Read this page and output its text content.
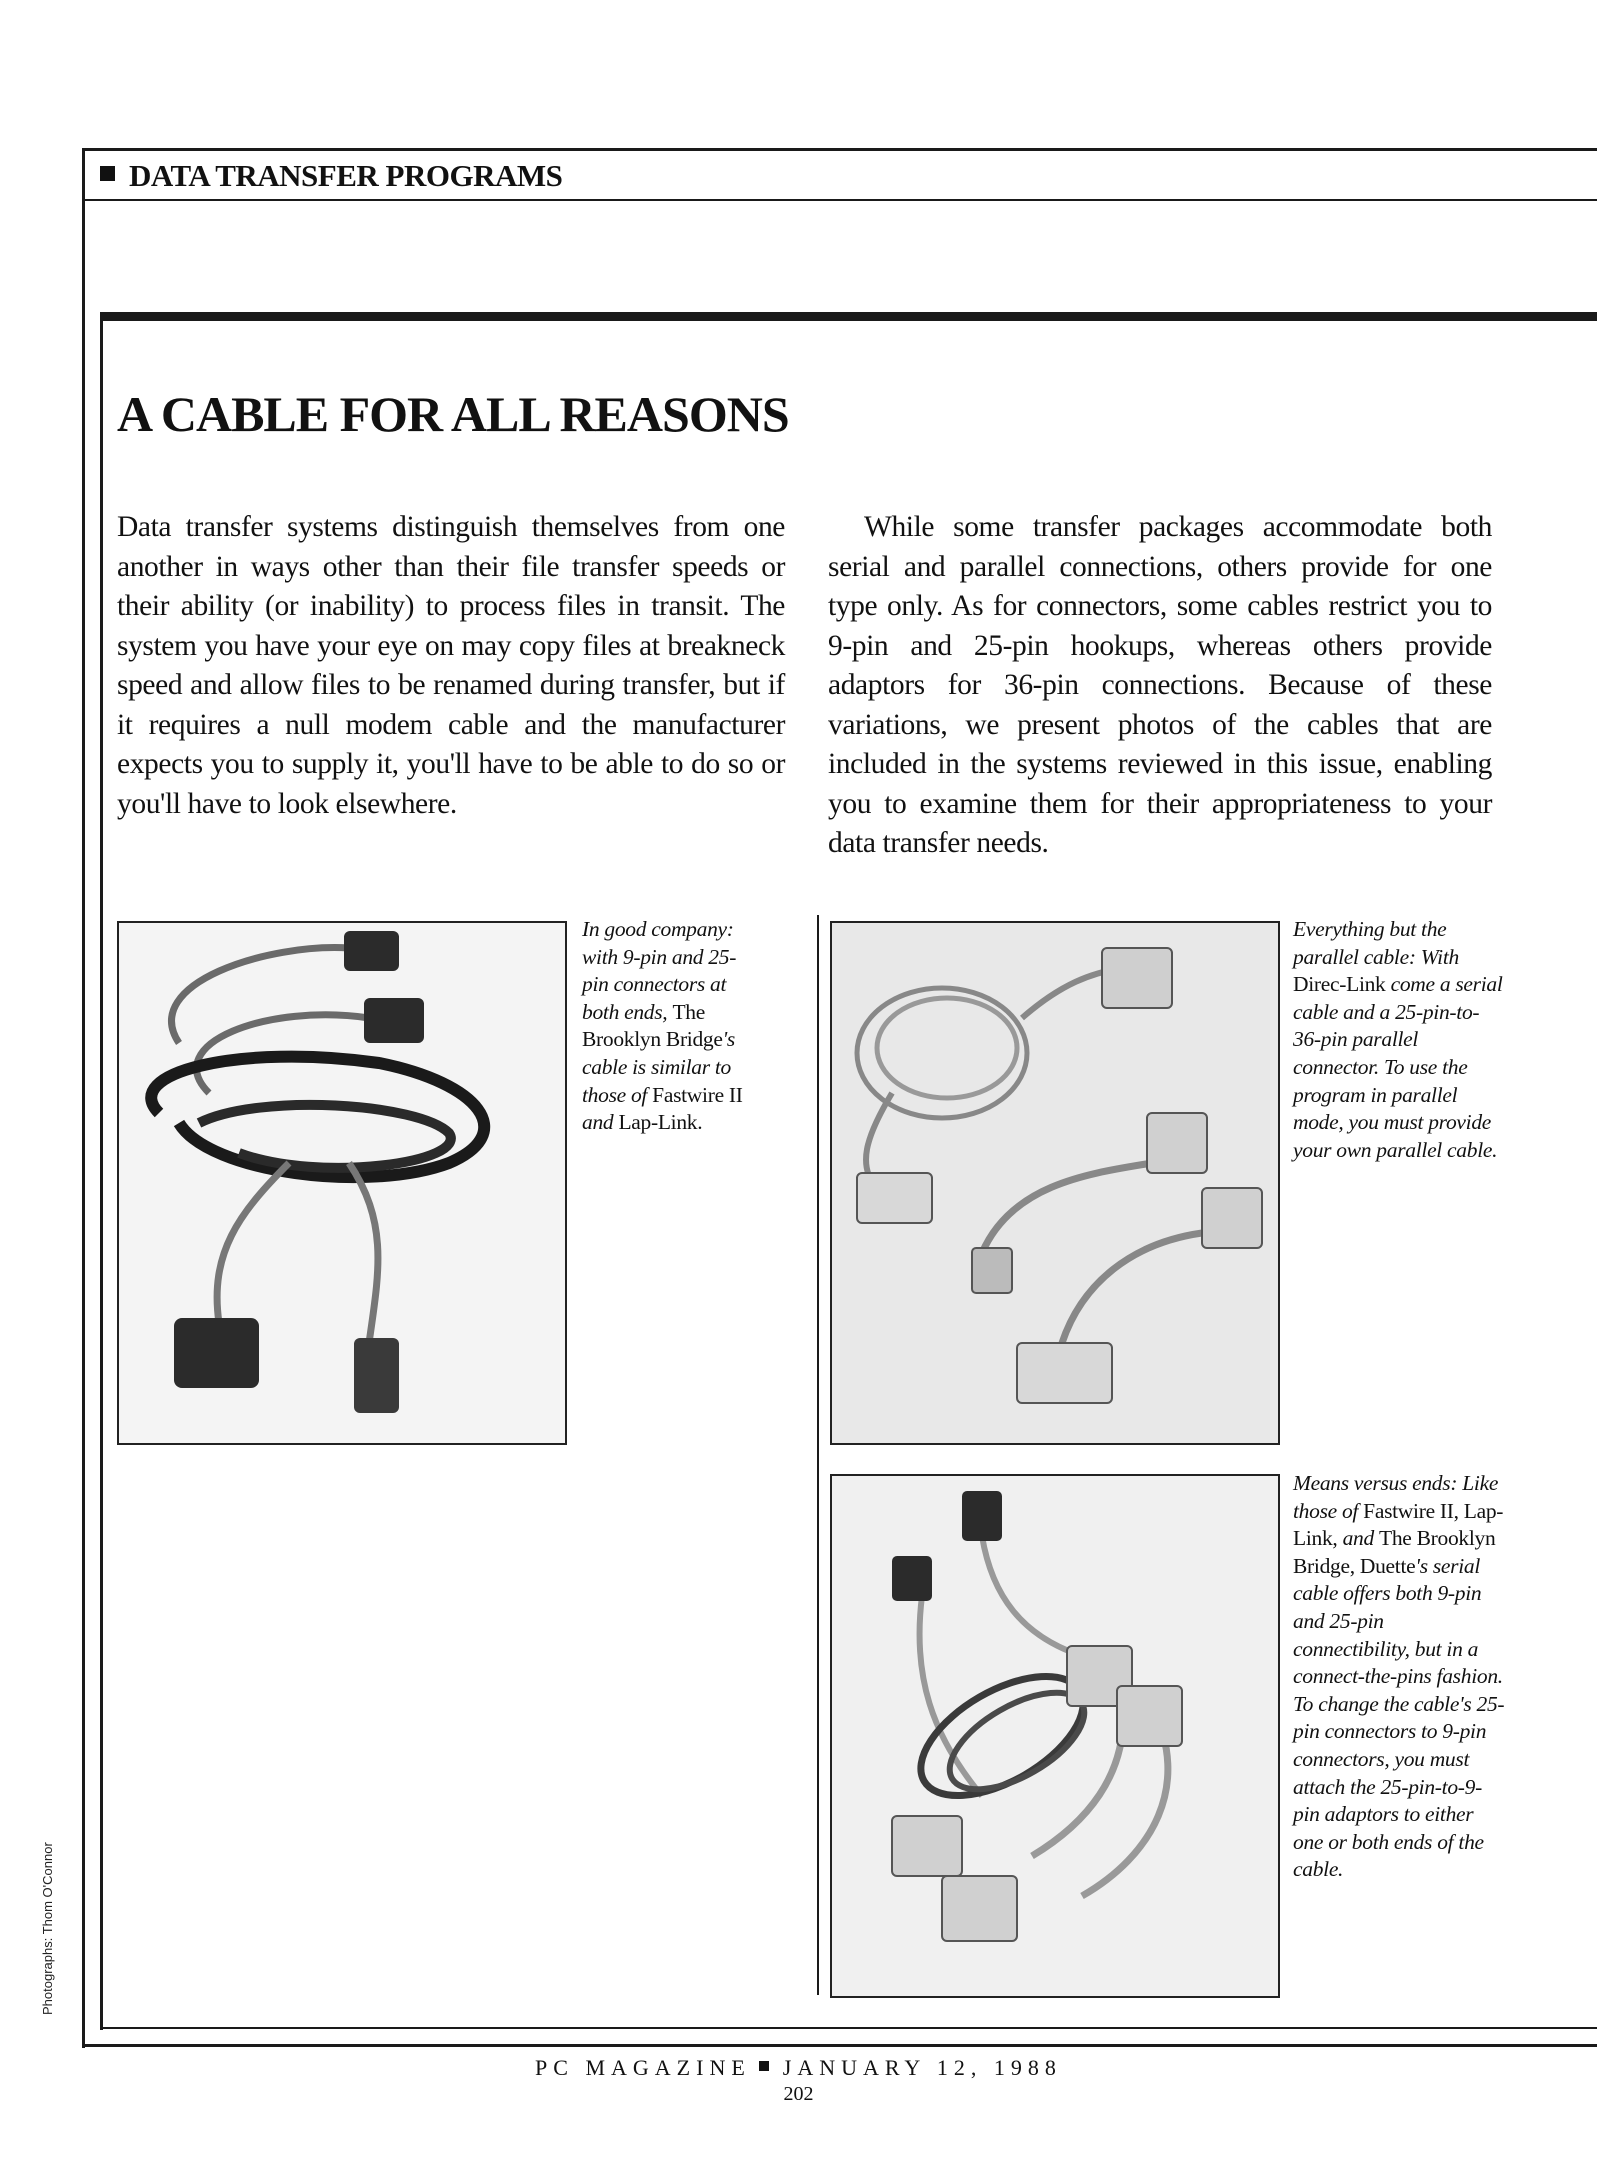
DATA TRANSFER PROGRAMS
A CABLE FOR ALL REASONS

Data transfer systems distinguish themselves from one another in ways other than their file transfer speeds or their ability (or inability) to process files in transit. The system you have your eye on may copy files at breakneck speed and allow files to be renamed during transfer, but if it requires a null modem cable and the manufacturer expects you to supply it, you'll have to be able to do so or you'll have to look elsewhere.

While some transfer packages accommodate both serial and parallel connections, others provide for one type only. As for connectors, some cables restrict you to 9-pin and 25-pin hookups, whereas others provide adaptors for 36-pin connections. Because of these variations, we present photos of the cables that are included in the systems reviewed in this issue, enabling you to examine them for their appropriateness to your data transfer needs.

In good company: with 9-pin and 25-pin connectors at both ends, The Brooklyn Bridge's cable is similar to those of Fastwire II and Lap-Link.
Everything but the parallel cable: With Direc-Link come a serial cable and a 25-pin-to-36-pin parallel connector. To use the program in parallel mode, you must provide your own parallel cable.
Means versus ends: Like those of Fastwire II, Lap-Link, and The Brooklyn Bridge, Duette's serial cable offers both 9-pin and 25-pin connectibility, but in a connect-the-pins fashion. To change the cable's 25-pin connectors to 9-pin connectors, you must attach the 25-pin-to-9-pin adaptors to either one or both ends of the cable.
Photographs: Thom O'Connor
PC MAGAZINE JANUARY 12, 1988
202
